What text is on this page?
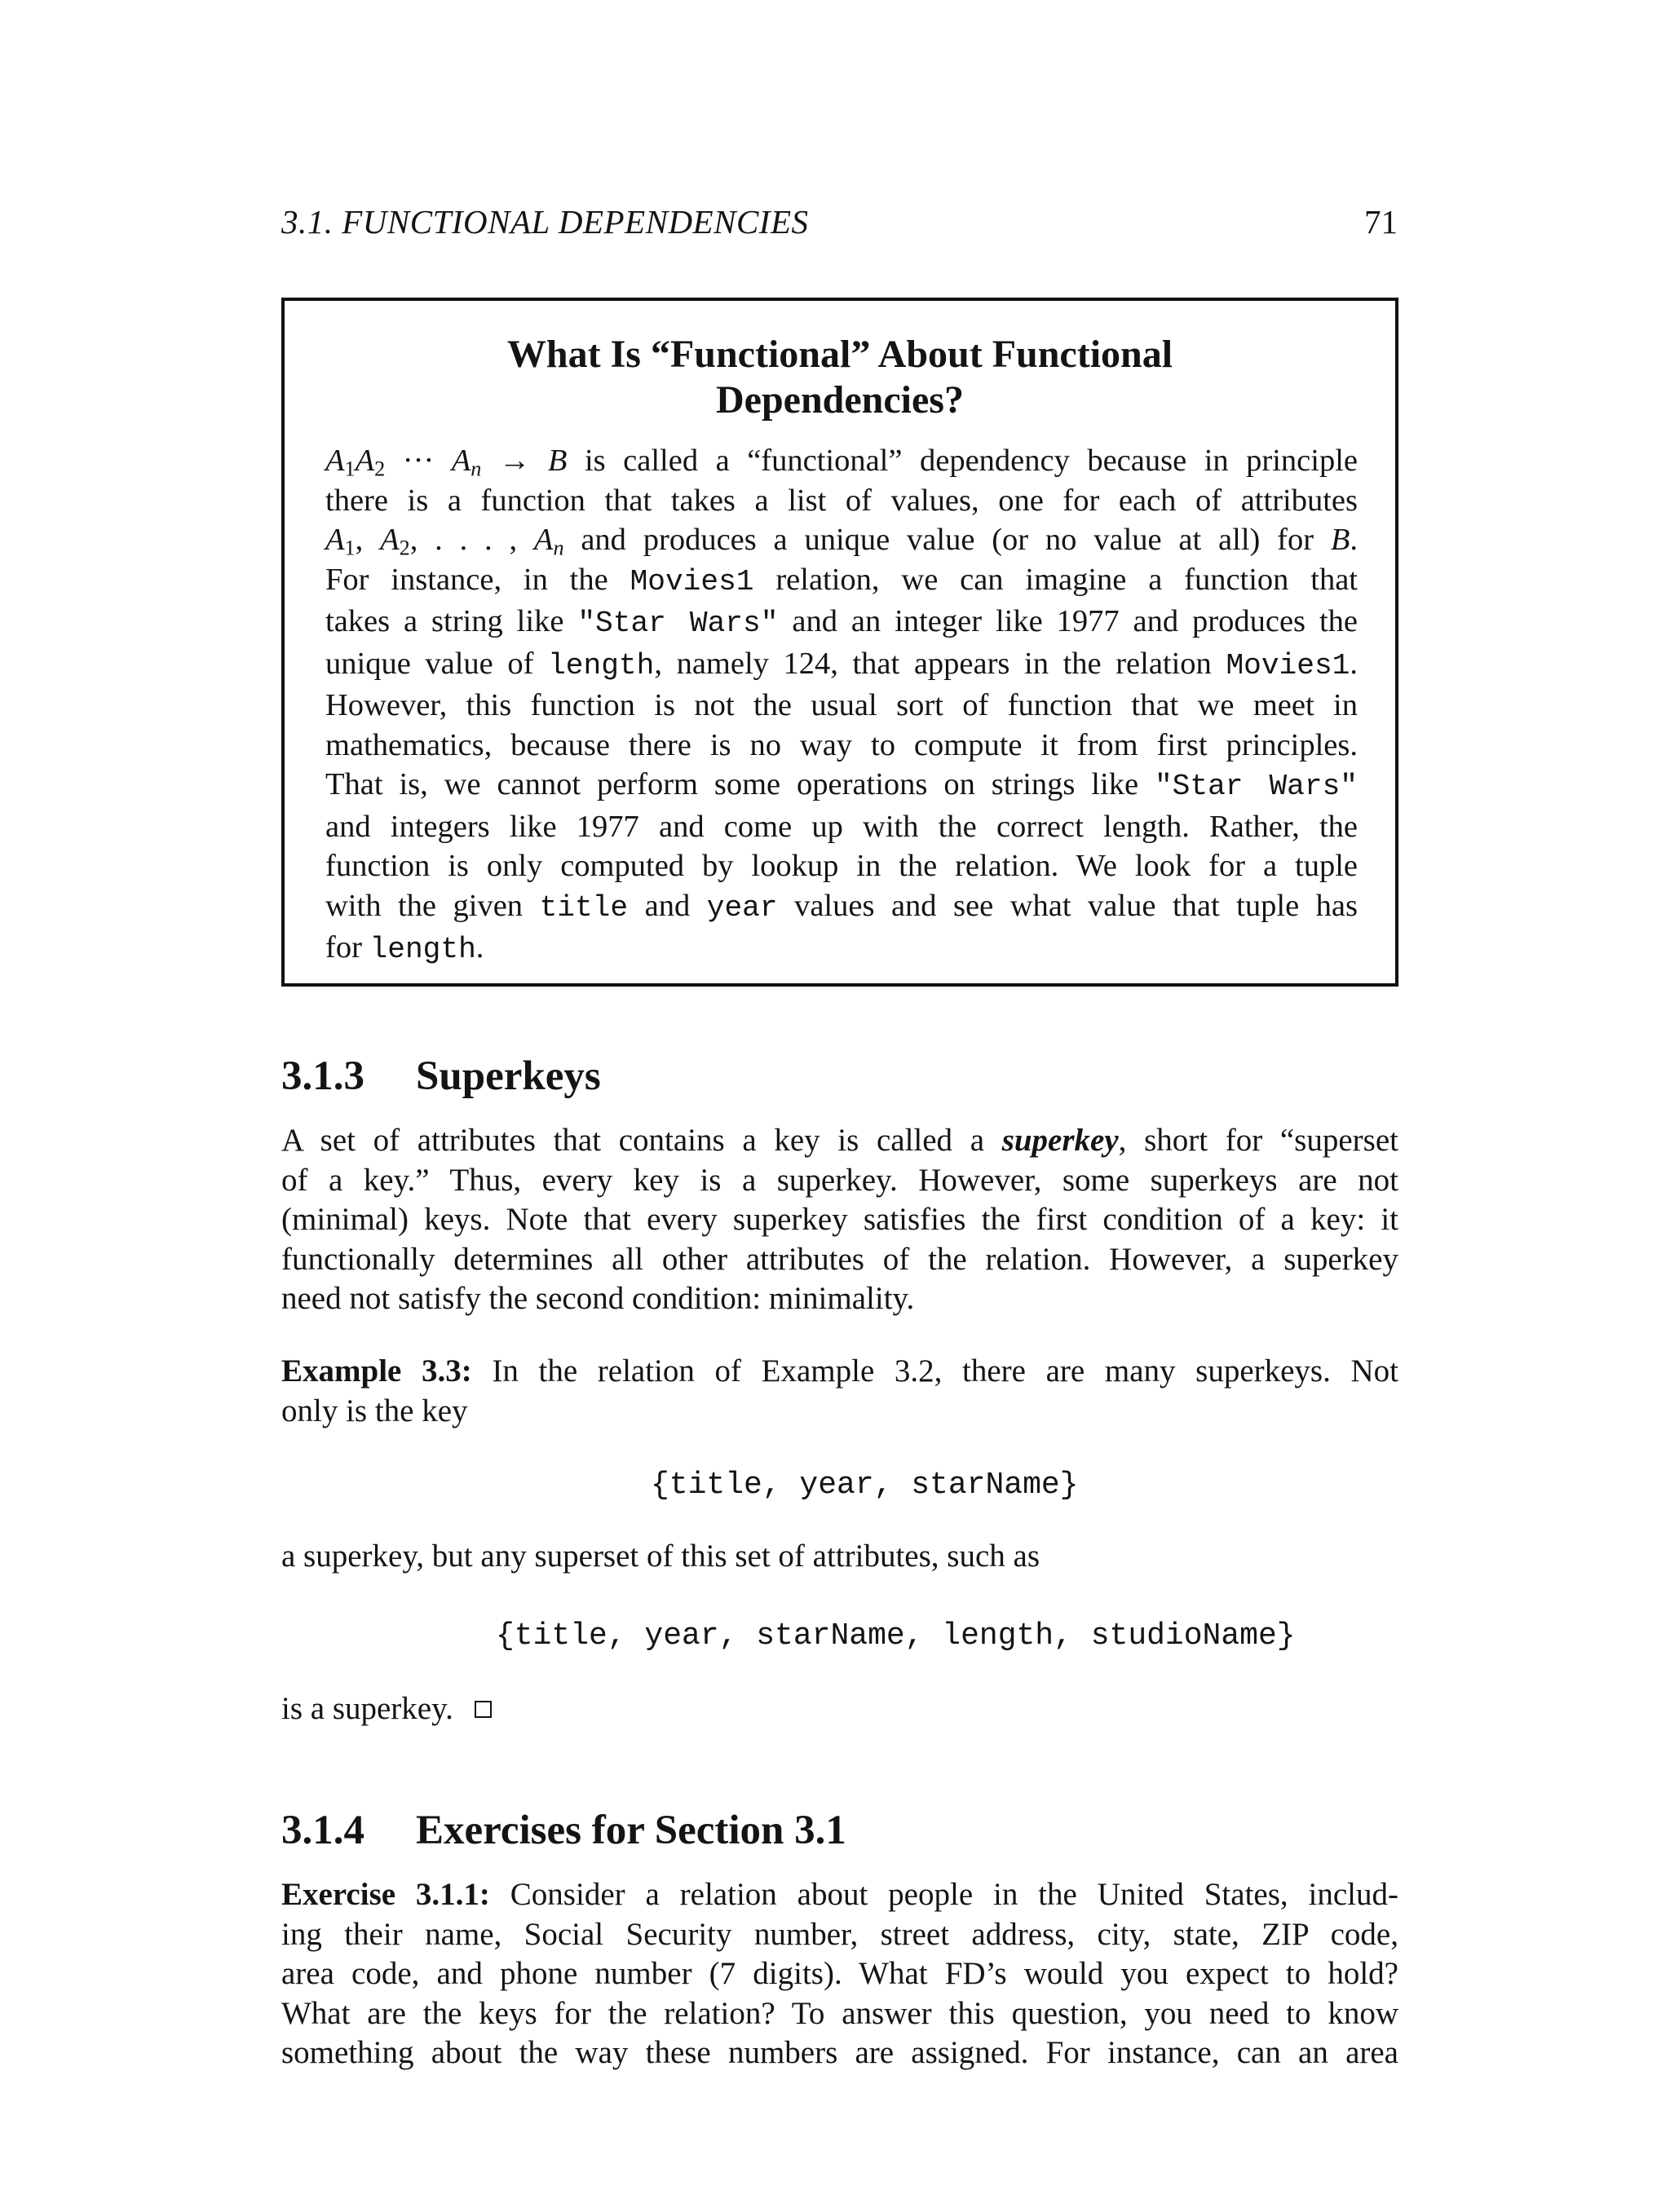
3.1. FUNCTIONAL DEPENDENCIES	71
What Is “Functional” About Functional
Dependencies?
$A_1A_2$ ··· $A_n \to B$ is called a “functional” dependency because in principle
there is a function that takes a list of values, one for each of attributes
$A_1$, $A_2$, . . . , $A_n$ and produces a unique value (or no value at all) for B.
For instance, in the Movies1 relation, we can imagine a function that
takes a string like "Star Wars" and an integer like 1977 and produces the
unique value of length, namely 124, that appears in the relation Movies1.
However, this function is not the usual sort of function that we meet in
mathematics, because there is no way to compute it from first principles.
That is, we cannot perform some operations on strings like "Star Wars"
and integers like 1977 and come up with the correct length. Rather, the
function is only computed by lookup in the relation. We look for a tuple
with the given title and year values and see what value that tuple has
for length.
3.1.3 Superkeys
A set of attributes that contains a key is called a superkey, short for “superset
of a key.” Thus, every key is a superkey. However, some superkeys are not
(minimal) keys. Note that every superkey satisfies the first condition of a key: it
functionally determines all other attributes of the relation. However, a superkey
need not satisfy the second condition: minimality.
Example 3.3: In the relation of Example 3.2, there are many superkeys. Not
only is the key
{title, year, starName}
a superkey, but any superset of this set of attributes, such as
{title, year, starName, length, studioName}
is a superkey.
3.1.4 Exercises for Section 3.1
Exercise 3.1.1: Consider a relation about people in the United States, includ-
ing their name, Social Security number, street address, city, state, ZIP code,
area code, and phone number (7 digits). What FD’s would you expect to hold?
What are the keys for the relation? To answer this question, you need to know
something about the way these numbers are assigned. For instance, can an area
